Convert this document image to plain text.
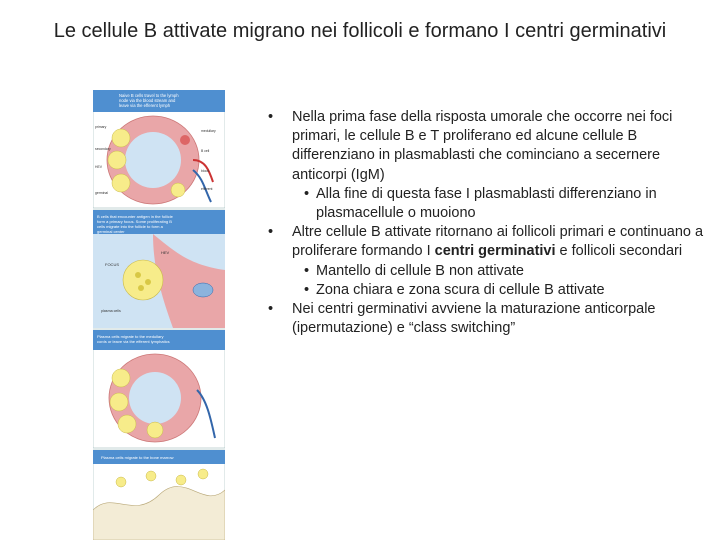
Le cellule B attivate migrano nei follicoli e formano I centri germinativi
Naive B cells travel to the lymph node via the blood stream and leave via the efferent lymph
primary
secondary
HEV
germinal
medullary
B cell
blood
efferent
B cells that encounter antigen in the follicle form a primary focus. Some proliferating B cells migrate into the follicle to form a germinal center
HEV
FOCUS
plasma cells
Plasma cells migrate to the medullary cords or leave via the efferent lymphatics
Plasma cells migrate to the bone marrow
• Nella prima fase della risposta umorale che occorre nei foci primari, le cellule B e T proliferano ed alcune cellule B differenziano in plasmablasti che cominciano a secernere anticorpi (IgM)
• Alla fine di questa fase I plasmablasti differenziano in plasmacellule o muoiono
• Altre cellule B attivate ritornano ai follicoli primari e continuano a proliferare formando I centri germinativi e follicoli secondari
• Mantello di cellule B non attivate
• Zona chiara e zona scura di cellule B attivate
• Nei centri germinativi avviene la maturazione anticorpale (ipermutazione) e “class switching”
